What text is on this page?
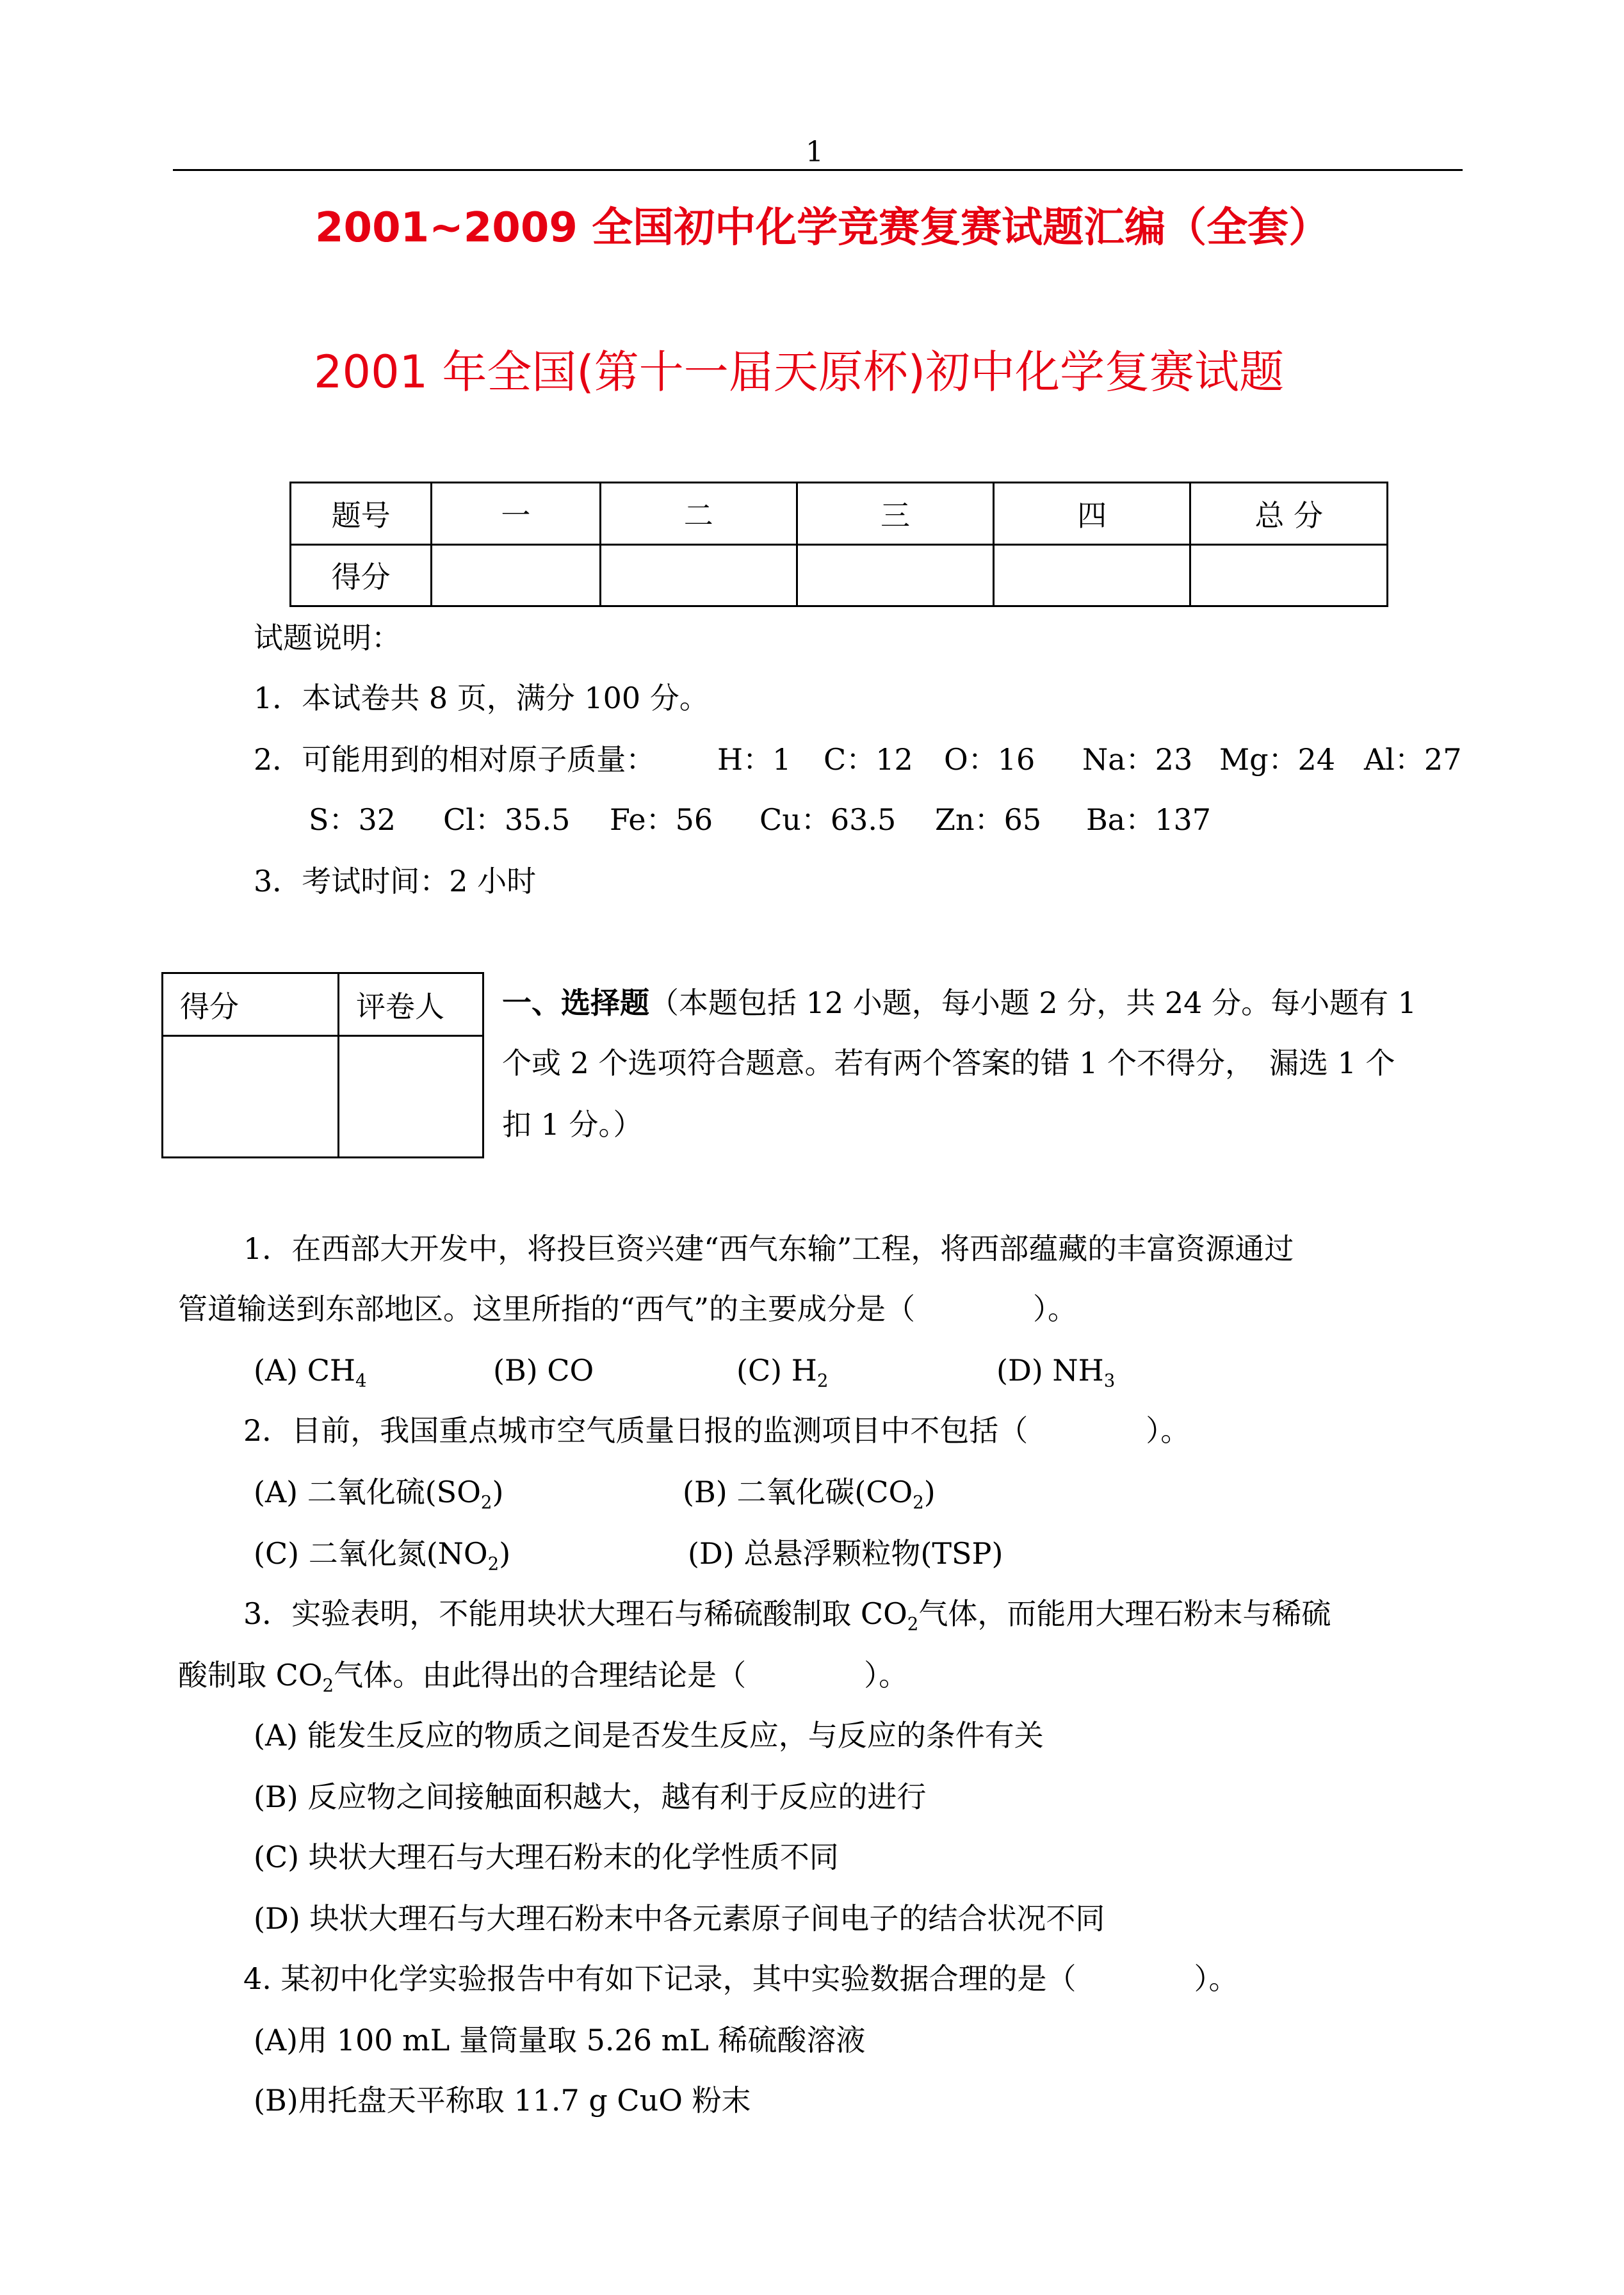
1
2001~2009 全国初中化学竞赛复赛试题汇编（全套）
2001 年全国(第十一届天原杯)初中化学复赛试题
题号	一	二	三	四	总 分
得分					
试题说明：
1．本试卷共 8 页，满分 100 分。
2．可能用到的相对原子质量： H：1 C：12 O：16 Na：23 Mg：24 Al：27
S：32 Cl：35.5 Fe：56 Cu：63.5 Zn：65 Ba：137
3．考试时间：2 小时
得分	评卷人
	一、选择题（本题包括 12 小题，每小题 2 分，共 24 分。每小题有 1
个或 2 个选项符合题意。若有两个答案的错 1 个不得分，　漏选 1 个
扣 1 分。）
1．在西部大开发中，将投巨资兴建“西气东输”工程，将西部蕴藏的丰富资源通过
管道输送到东部地区。这里所指的“西气”的主要成分是（　　　　）。
(A) $CH_4$	(B) CO	(C) $H_2$	(D) $NH_3$
2．目前，我国重点城市空气质量日报的监测项目中不包括（　　　　）。
(A) 二氧化硫$(SO_2)$	(B) 二氧化碳$(CO_2)$
(C) 二氧化氮$(NO_2)$	(D) 总悬浮颗粒物(TSP)
3．实验表明，不能用块状大理石与稀硫酸制取 $CO_2$气体，而能用大理石粉末与稀硫
酸制取 $CO_2$气体。由此得出的合理结论是（　　　　）。
(A) 能发生反应的物质之间是否发生反应，与反应的条件有关
(B) 反应物之间接触面积越大，越有利于反应的进行
(C) 块状大理石与大理石粉末的化学性质不同
(D) 块状大理石与大理石粉末中各元素原子间电子的结合状况不同
4. 某初中化学实验报告中有如下记录，其中实验数据合理的是（　　　　）。
(A)用 100 mL 量筒量取 5.26 mL 稀硫酸溶液
(B)用托盘天平称取 11.7 g CuO 粉末
